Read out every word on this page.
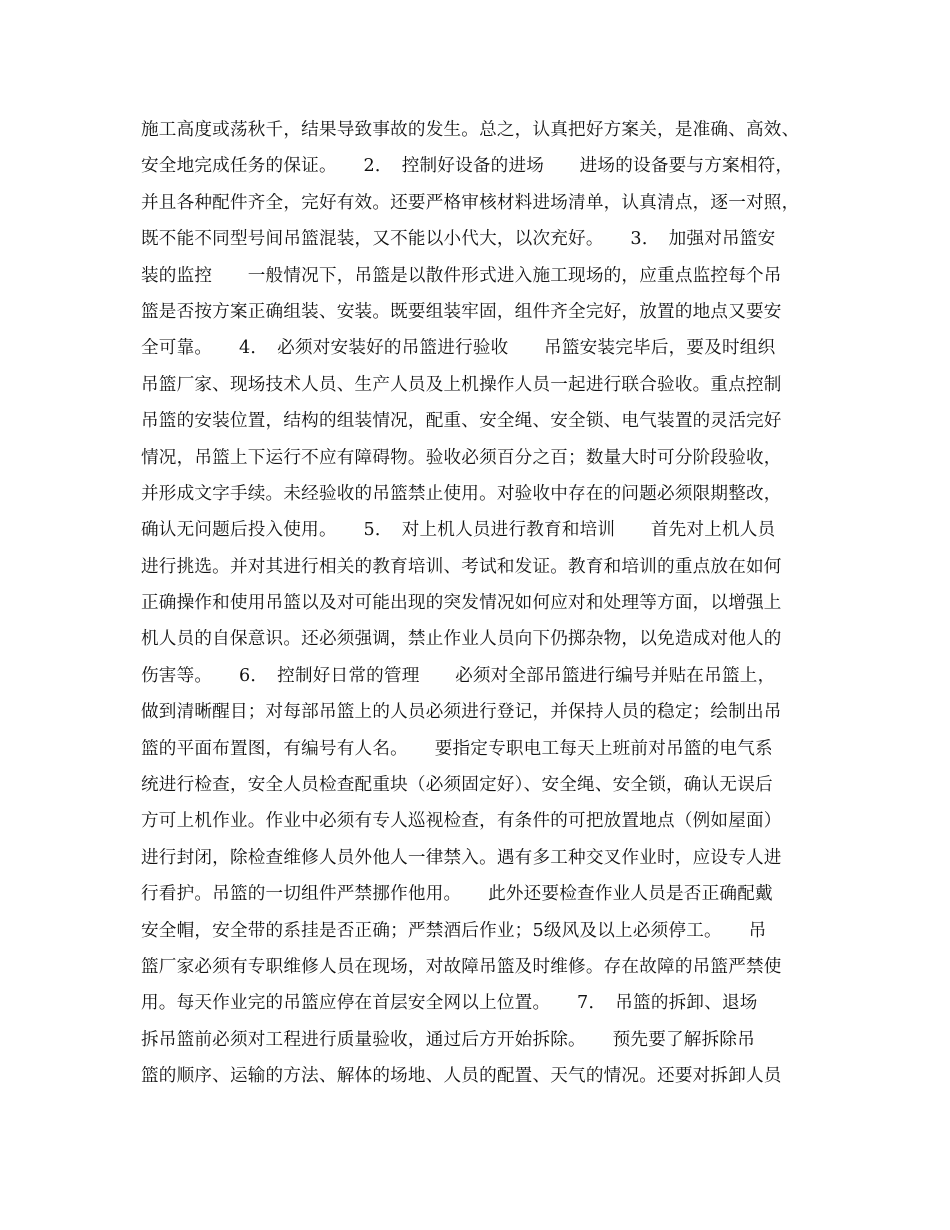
施工高度或荡秋千，结果导致事故的发生。总之，认真把好方案关，是准确、高效、
安全地完成任务的保证。　　2．　控制好设备的进场　　进场的设备要与方案相符，
并且各种配件齐全，完好有效。还要严格审核材料进场清单，认真清点，逐一对照，
既不能不同型号间吊篮混装，又不能以小代大，以次充好。　　3．　加强对吊篮安
装的监控　　一般情况下，吊篮是以散件形式进入施工现场的，应重点监控每个吊
篮是否按方案正确组装、安装。既要组装牢固，组件齐全完好，放置的地点又要安
全可靠。　　4．　必须对安装好的吊篮进行验收　　吊篮安装完毕后，要及时组织
吊篮厂家、现场技术人员、生产人员及上机操作人员一起进行联合验收。重点控制
吊篮的安装位置，结构的组装情况，配重、安全绳、安全锁、电气装置的灵活完好
情况，吊篮上下运行不应有障碍物。验收必须百分之百；数量大时可分阶段验收，
并形成文字手续。未经验收的吊篮禁止使用。对验收中存在的问题必须限期整改，
确认无问题后投入使用。　　5．　对上机人员进行教育和培训　　首先对上机人员
进行挑选。并对其进行相关的教育培训、考试和发证。教育和培训的重点放在如何
正确操作和使用吊篮以及对可能出现的突发情况如何应对和处理等方面，以增强上
机人员的自保意识。还必须强调，禁止作业人员向下仍掷杂物，以免造成对他人的
伤害等。　　6．　控制好日常的管理　　必须对全部吊篮进行编号并贴在吊篮上，
做到清晰醒目；对每部吊篮上的人员必须进行登记，并保持人员的稳定；绘制出吊
篮的平面布置图，有编号有人名。　　要指定专职电工每天上班前对吊篮的电气系
统进行检查，安全人员检查配重块（必须固定好）、安全绳、安全锁，确认无误后
方可上机作业。作业中必须有专人巡视检查，有条件的可把放置地点（例如屋面）
进行封闭，除检查维修人员外他人一律禁入。遇有多工种交叉作业时，应设专人进
行看护。吊篮的一切组件严禁挪作他用。　　此外还要检查作业人员是否正确配戴
安全帽，安全带的系挂是否正确；严禁酒后作业；5级风及以上必须停工。　　吊
篮厂家必须有专职维修人员在现场，对故障吊篮及时维修。存在故障的吊篮严禁使
用。每天作业完的吊篮应停在首层安全网以上位置。　　7．　吊篮的拆卸、退场
拆吊篮前必须对工程进行质量验收，通过后方开始拆除。　　预先要了解拆除吊
篮的顺序、运输的方法、解体的场地、人员的配置、天气的情况。还要对拆卸人员
